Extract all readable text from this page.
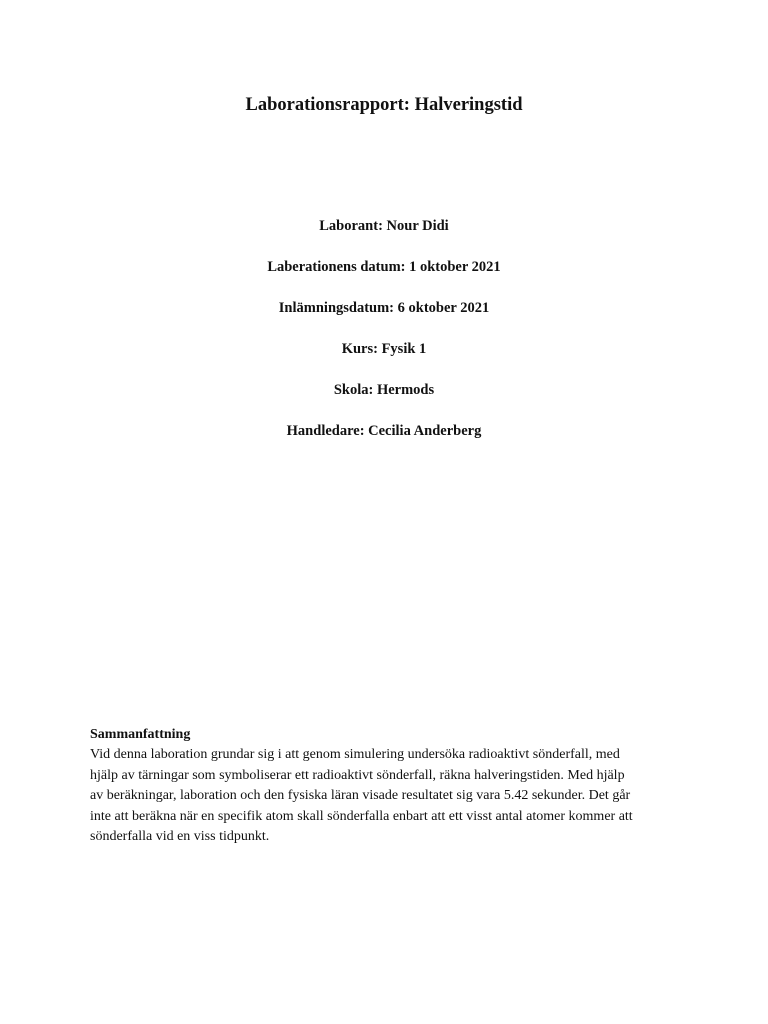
Laborationsrapport: Halveringstid
Laborant: Nour Didi
Laberationens datum: 1 oktober 2021
Inlämningsdatum: 6 oktober 2021
Kurs: Fysik 1
Skola: Hermods
Handledare: Cecilia Anderberg
Sammanfattning

Vid denna laboration grundar sig i att genom simulering undersöka radioaktivt sönderfall, med
hjälp av tärningar som symboliserar ett radioaktivt sönderfall, räkna halveringstiden. Med hjälp
av beräkningar, laboration och den fysiska läran visade resultatet sig vara 5.42 sekunder. Det går
inte att beräkna när en specifik atom skall sönderfalla enbart att ett visst antal atomer kommer att
sönderfalla vid en viss tidpunkt.
